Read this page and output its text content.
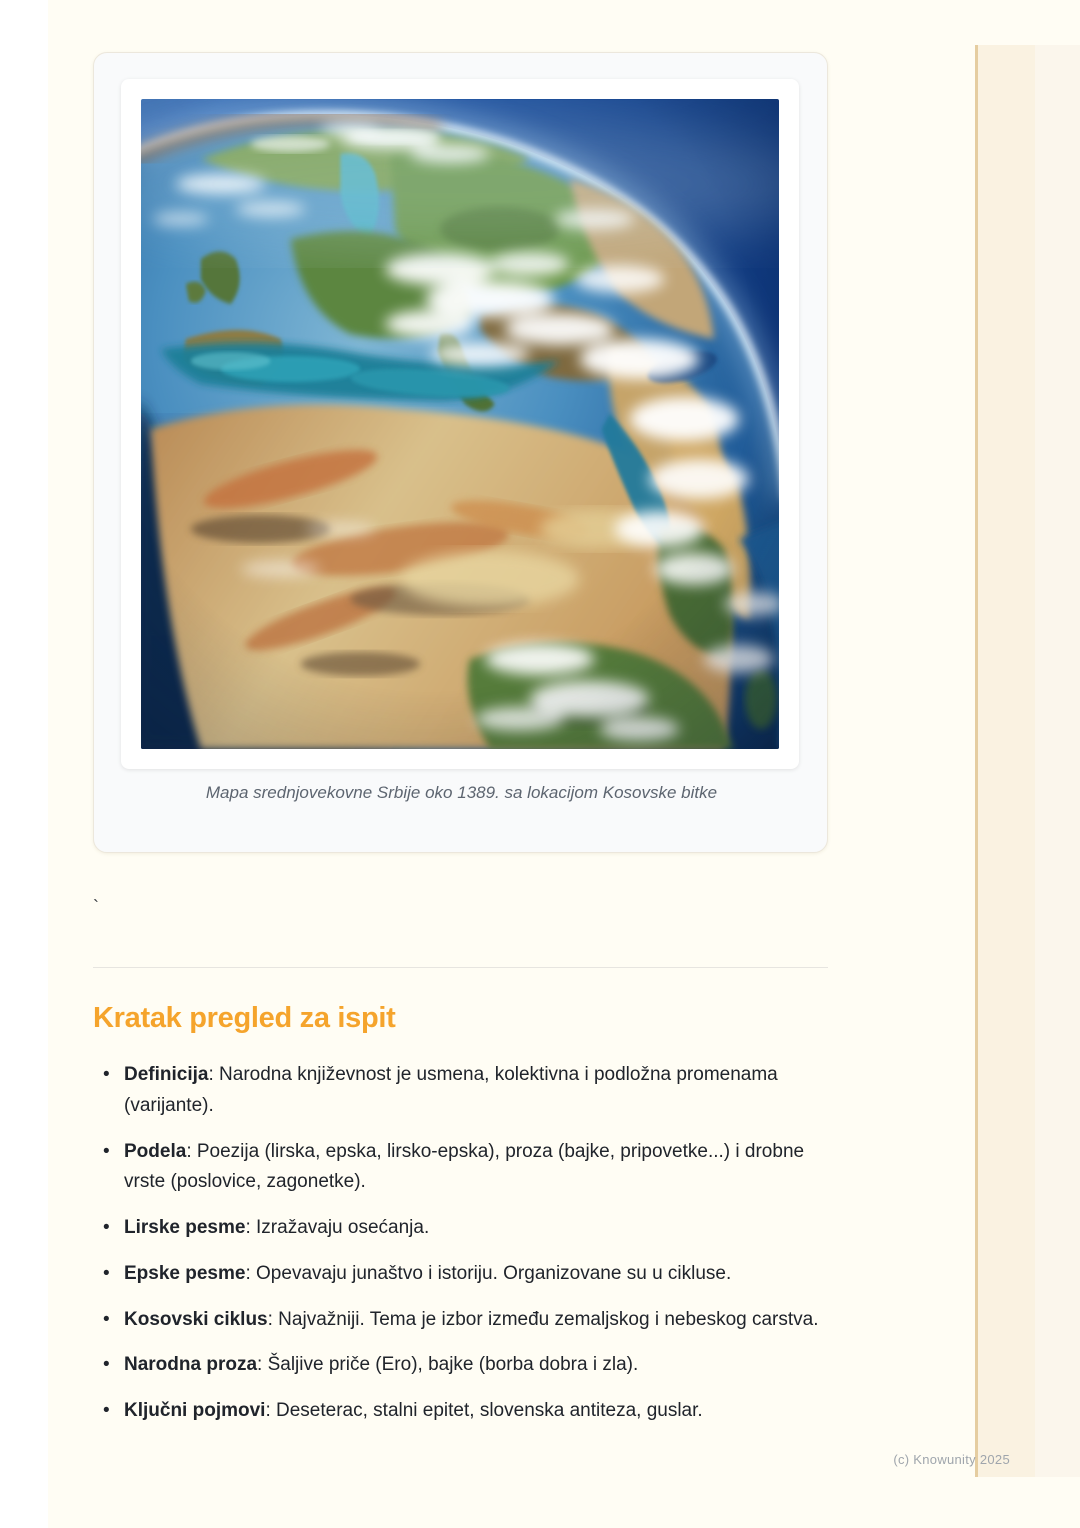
Mapa srednjovekovne Srbije oko 1389. sa lokacijom Kosovske bitke
`
Kratak pregled za ispit
• Definicija: Narodna književnost je usmena, kolektivna i podložna promenama (varijante).
• Podela: Poezija (lirska, epska, lirsko-epska), proza (bajke, pripovetke...) i drobne vrste (poslovice, zagonetke).
• Lirske pesme: Izražavaju osećanja.
• Epske pesme: Opevavaju junaštvo i istoriju. Organizovane su u cikluse.
• Kosovski ciklus: Najvažniji. Tema je izbor između zemaljskog i nebeskog carstva.
• Narodna proza: Šaljive priče (Ero), bajke (borba dobra i zla).
• Ključni pojmovi: Deseterac, stalni epitet, slovenska antiteza, guslar.
(c) Knowunity 2025
